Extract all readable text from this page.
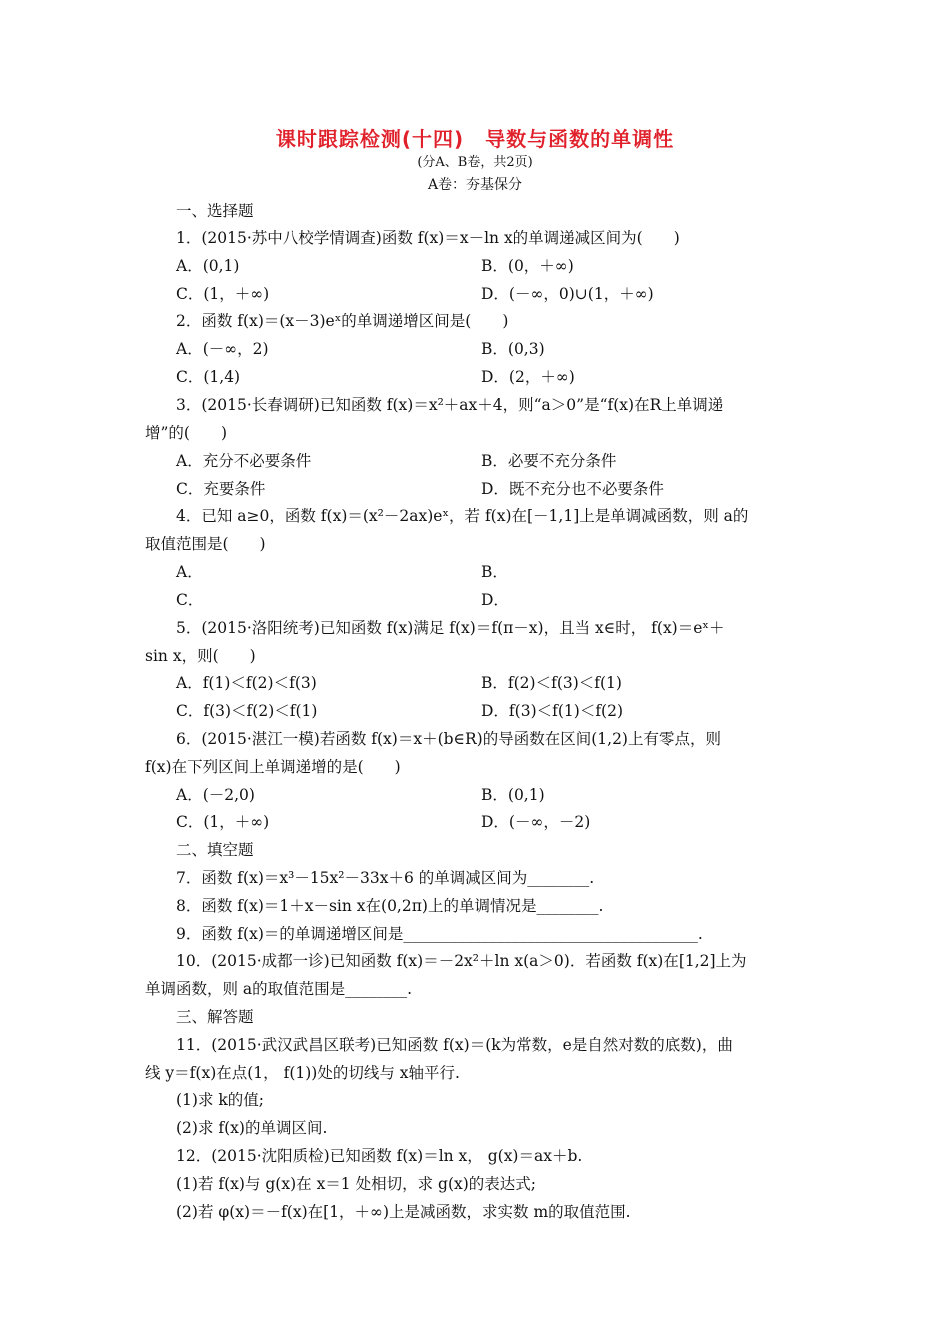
课时跟踪检测(十四)　导数与函数的单调性
(分A、B卷，共2页)
A卷：夯基保分
一、选择题
1．(2015·苏中八校学情调查)函数 f(x)＝x－ln x的单调递减区间为(　　)
A．(0,1)	B．(0，＋∞)
C．(1，＋∞)	D．(－∞，0)∪(1，＋∞)
2．函数 f(x)＝(x－3)eˣ的单调递增区间是(　　)
A．(－∞，2)	B．(0,3)
C．(1,4)	D．(2，＋∞)
3．(2015·长春调研)已知函数 f(x)＝x²＋ax＋4，则“a＞0”是“f(x)在R上单调递
增”的(　　)
A．充分不必要条件	B．必要不充分条件
C．充要条件	D．既不充分也不必要条件
4．已知 a≥0，函数 f(x)＝(x²－2ax)eˣ，若 f(x)在[－1,1]上是单调减函数，则 a的
取值范围是(　　)
A．	B．
C．	D．
5．(2015·洛阳统考)已知函数 f(x)满足 f(x)＝f(π－x)，且当 x∈时， f(x)＝eˣ＋
sin x，则(　　)
A．f(1)＜f(2)＜f(3)	B．f(2)＜f(3)＜f(1)
C．f(3)＜f(2)＜f(1)	D．f(3)＜f(1)＜f(2)
6．(2015·湛江一模)若函数 f(x)＝x＋(b∈R)的导函数在区间(1,2)上有零点，则
f(x)在下列区间上单调递增的是(　　)
A．(－2,0)	B．(0,1)
C．(1，＋∞)	D．(－∞，－2)
二、填空题
7．函数 f(x)＝x³－15x²－33x＋6 的单调减区间为________.
8．函数 f(x)＝1＋x－sin x在(0,2π)上的单调情况是________.
9．函数 f(x)＝的单调递增区间是______________________________________.
10．(2015·成都一诊)已知函数 f(x)＝－2x²＋ln x(a＞0)．若函数 f(x)在[1,2]上为
单调函数，则 a的取值范围是________.
三、解答题
11．(2015·武汉武昌区联考)已知函数 f(x)＝(k为常数，e是自然对数的底数)，曲
线 y＝f(x)在点(1， f(1))处的切线与 x轴平行.
(1)求 k的值;
(2)求 f(x)的单调区间.
12．(2015·沈阳质检)已知函数 f(x)＝ln x， g(x)＝ax＋b.
(1)若 f(x)与 g(x)在 x＝1 处相切，求 g(x)的表达式;
(2)若 φ(x)＝－f(x)在[1，＋∞)上是减函数，求实数 m的取值范围.
